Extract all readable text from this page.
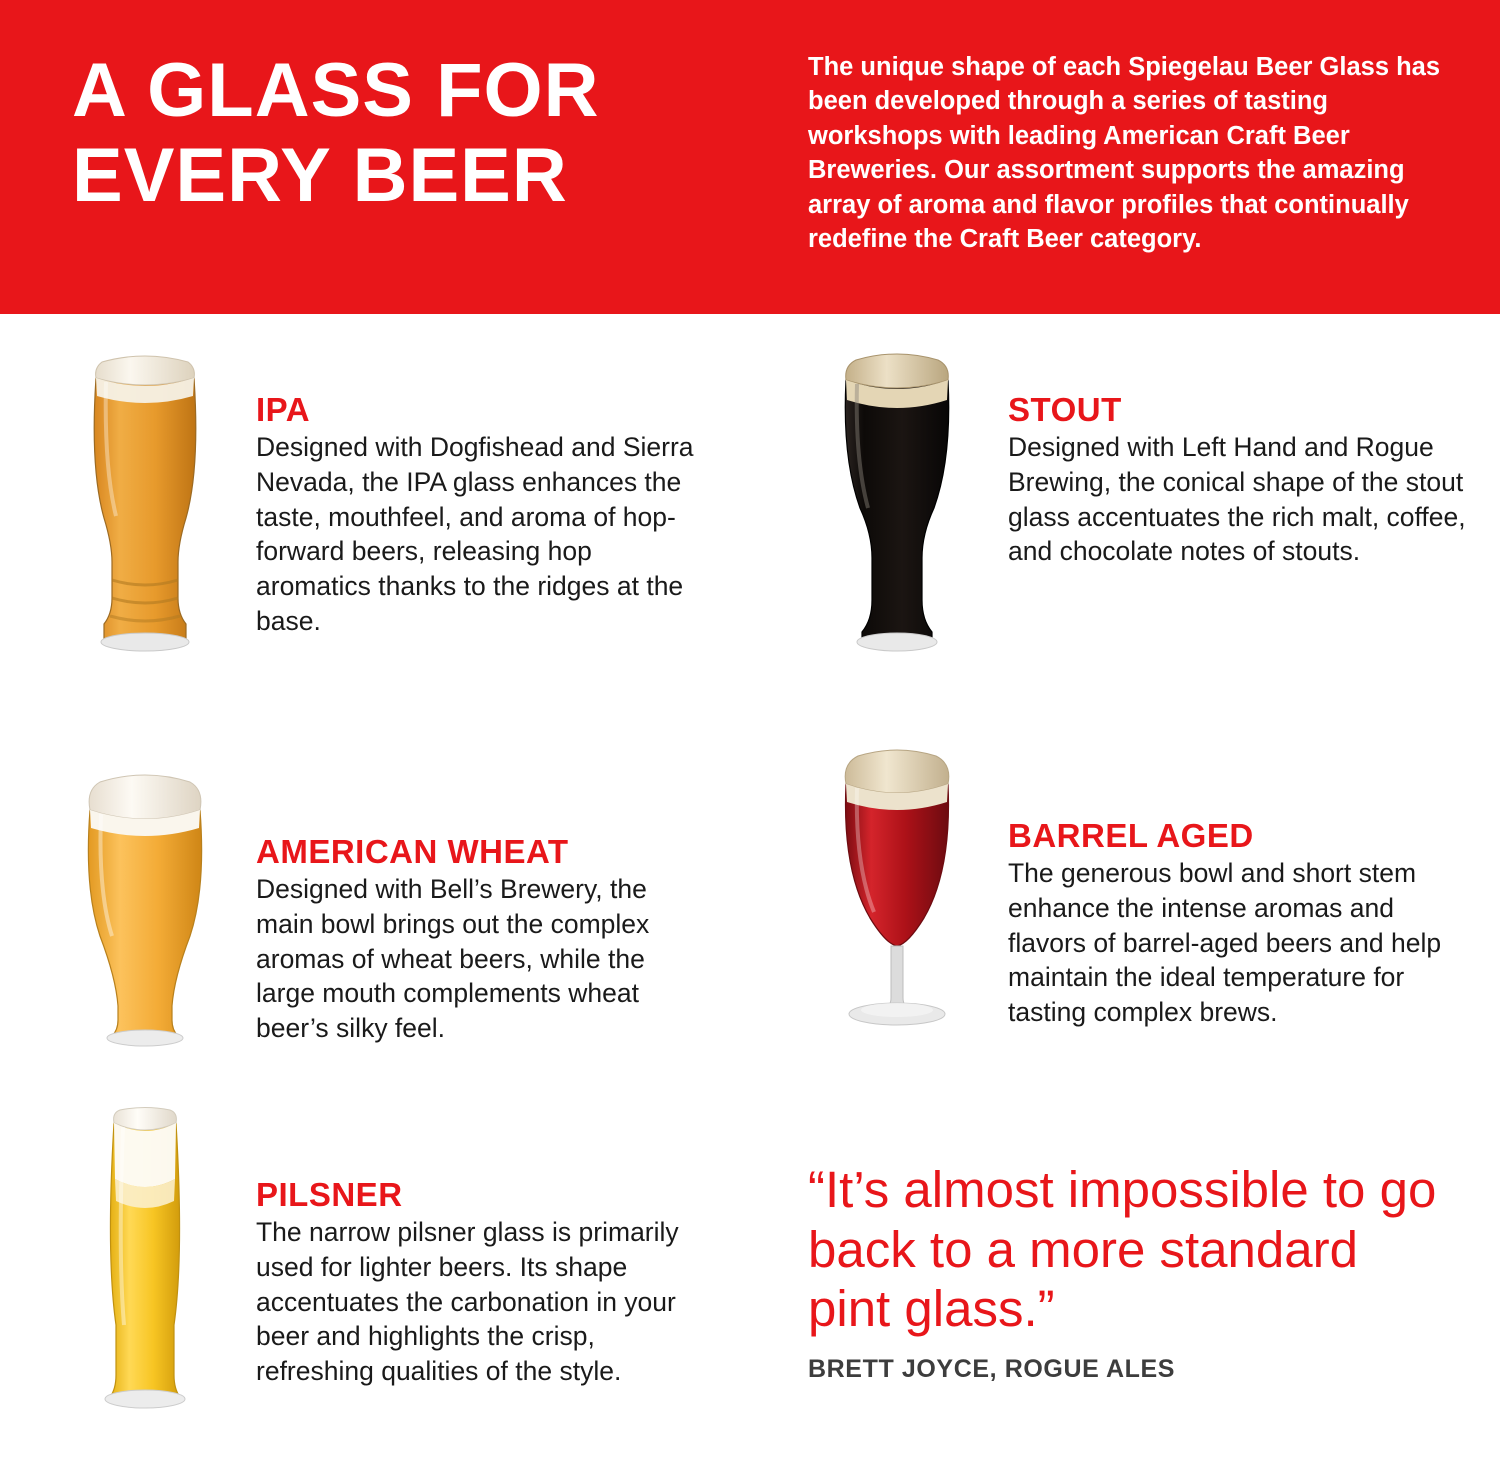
A GLASS FOR
EVERY BEER
The unique shape of each Spiegelau Beer Glass has been developed through a series of tasting workshops with leading American Craft Beer Breweries. Our assortment supports the amazing array of aroma and flavor profiles that continually redefine the Craft Beer category.
IPA

Designed with Dogfishead and Sierra Nevada, the IPA glass enhances the taste, mouthfeel, and aroma of hop-forward beers, releasing hop aromatics thanks to the ridges at the base.

STOUT

Designed with Left Hand and Rogue Brewing, the conical shape of the stout glass accentuates the rich malt, coffee, and chocolate notes of stouts.

AMERICAN WHEAT

Designed with Bell’s Brewery, the main bowl brings out the complex aromas of wheat beers, while the large mouth complements wheat beer’s silky feel.

BARREL AGED

The generous bowl and short stem enhance the intense aromas and flavors of barrel-aged beers and help maintain the ideal temperature for tasting complex brews.

PILSNER

The narrow pilsner glass is primarily used for lighter beers. Its shape accentuates the carbonation in your beer and highlights the crisp, refreshing qualities of the style.

“It’s almost impossible to go back to a more standard pint glass.”

BRETT JOYCE, ROGUE ALES
